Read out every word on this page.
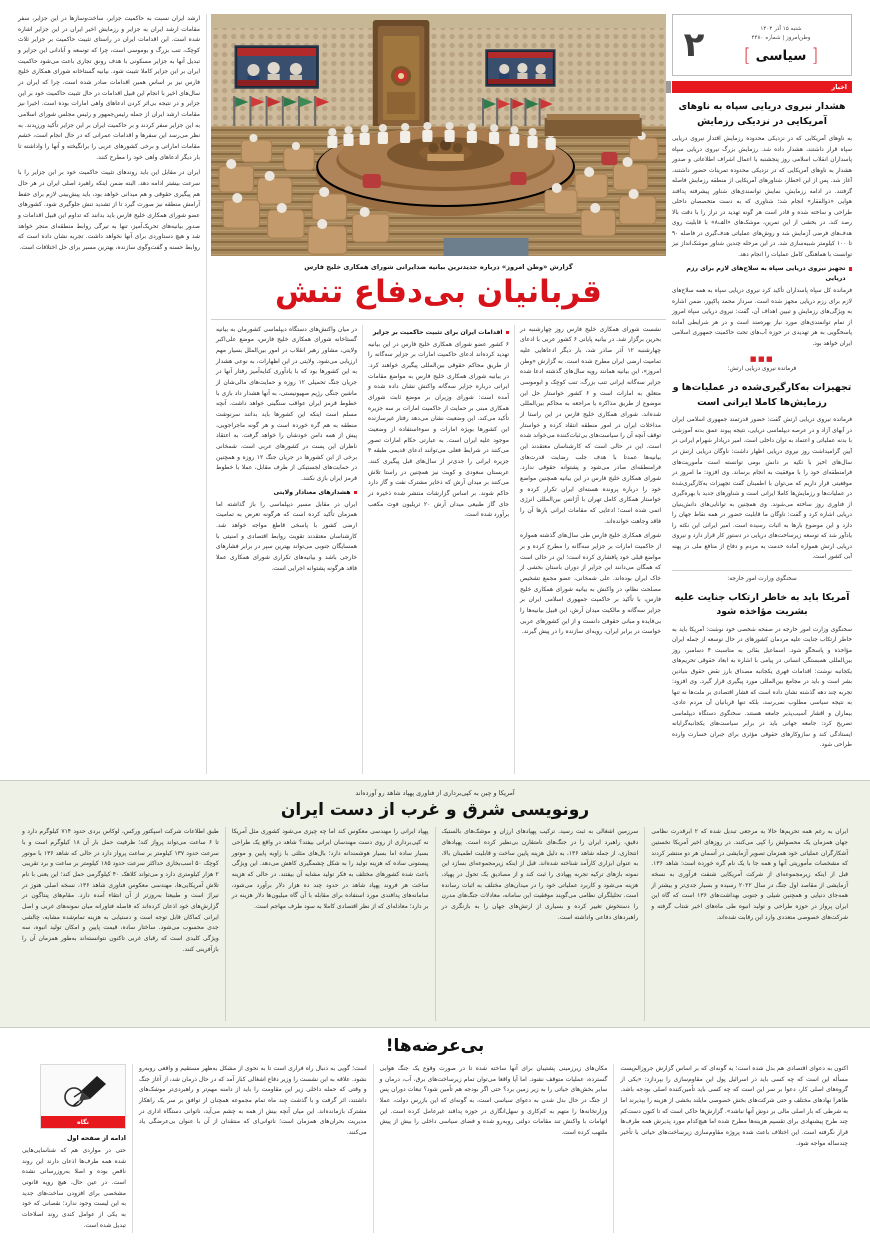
شنبه ۱۵ آذر ۱۴۰۴
وطن‌امروز | شماره ۴۴۸۰
[
سیاسی
]
۲
اخبار
هشدار نیروی دریایی سپاه به ناوهای آمریکایی در نزدیکی رزمایش
به ناوهای آمریکایی که در نزدیکی محدوده رزمایش اقتدار نیروی دریایی سپاه قرار داشتند، هشدار داده شد. رزمایش بزرگ نیروی دریایی سپاه پاسداران انقلاب اسلامی روز پنجشنبه با اعمال اشراف اطلاعاتی و صدور هشدار به ناوهای آمریکایی که در نزدیکی محدوده تمرینات حضور داشتند، آغاز شد. پس از این اخطار، شناورهای آمریکایی از منطقه رزمایش فاصله گرفتند. در ادامه رزمایش، نمایش توانمندی‌های شناور پیشرفته پدافند هوایی «ذوالفقار» انجام شد؛ شناوری که به دست متخصصان داخلی طراحی و ساخته شده و قادر است هر گونه تهدید در تراز را با دقت بالا رصد کند. در بخشی از این تمرین، موشک‌های «الف‌۸» با قابلیت روی هدف‌های فرضی آزمایش شد و روش‌های عملیاتی هدف‌گیری در فاصله ۹۰ تا ۱۰۰ کیلومتر شبیه‌سازی شد. در این مرحله چندین شناور موشک‌انداز نیز توانست با هماهنگی کامل عملیات را انجام دهد.
تجهیز نیروی دریایی سپاه به سلاح‌های لازم برای رزم دریایی
فرمانده کل سپاه پاسداران تأکید کرد نیروی دریایی سپاه به همه سلاح‌های لازم برای رزم دریایی مجهز شده است. سردار محمد پاکپور، ضمن اشاره به ویژگی‌های رزمایش و تبیین اهداف آن، گفت: نیروی دریایی سپاه امروز از تمام توانمندی‌های مورد نیاز بهره‌مند است و در هر شرایطی آماده پاسخگویی به هر تهدیدی در حوزه آب‌های تحت حاکمیت جمهوری اسلامی ایران خواهد بود.
■■■
فرمانده نیروی دریایی ارتش:
تجهیزات به‌کارگیری‌شده در عملیات‌ها و رزمایش‌ها کاملا ایرانی است
فرمانده نیروی دریایی ارتش گفت: حضور قدرتمند جمهوری اسلامی ایران در آبهای آزاد و در عرصه دیپلماسی دریایی، نتیجه پیوند عمق بدنه آموزشی با بدنه عملیاتی و اعتماد به توان داخلی است. امیر دریادار شهرام ایرانی در آیین گرامیداشت روز نیروی دریایی اظهار داشت: ناوگان دریایی ارتش در سال‌های اخیر با تکیه بر دانش بومی توانسته است مأموریت‌های فرامنطقه‌ای خود را با موفقیت به انجام برساند. وی افزود: ما امروز در موقعیتی قرار داریم که می‌توان با اطمینان گفت تجهیزات به‌کارگیری‌شده در عملیات‌ها و رزمایش‌ها کاملا ایرانی است و شناورهای جدید با بهره‌گیری از فناوری روز ساخته می‌شوند. وی همچنین به توانایی‌های دانش‌بنیان دریایی اشاره کرد و گفت: ناوگان ما قابلیت حضور در همه نقاط جهان را دارد و این موضوع بارها به اثبات رسیده است. امیر ایرانی این نکته را یادآور شد که توسعه زیرساخت‌های دریایی در دستور کار قرار دارد و نیروی دریایی ارتش همواره آماده خدمت به مردم و دفاع از منافع ملی در پهنه آبی کشور است.
سخنگوی وزارت امور خارجه:
آمریکا باید به خاطر ارتکاب جنایت علیه بشریت مؤاخذه شود
سخنگوی وزارت امور خارجه در صفحه شخصی خود نوشت: آمریکا باید به خاطر ارتکاب جنایت علیه مردمان کشورهای در حال توسعه از جمله ایران مؤاخذه و پاسخگو شود. اسماعیل بقائی به مناسبت ۴ دسامبر، روز بین‌المللی همبستگی انسانی در پیامی با اشاره به ابعاد حقوقی تحریم‌های یکجانبه نوشت: اقدامات قهری یکجانبه مصداق بارز نقض حقوق بنیادین بشر است و باید در مجامع بین‌المللی مورد پیگیری قرار گیرد. وی افزود: تجربه چند دهه گذشته نشان داده است که فشار اقتصادی بر ملت‌ها نه تنها به نتیجه سیاسی مطلوب نمی‌رسد، بلکه تنها قربانیان آن مردم عادی، بیماران و اقشار آسیب‌پذیر جامعه هستند. سخنگوی دستگاه دیپلماسی تصریح کرد: جامعه جهانی باید در برابر سیاست‌های یکجانبه‌گرایانه ایستادگی کند و سازوکارهای حقوقی مؤثری برای جبران خسارت وارده طراحی شود.
گزارش «وطن امروز» درباره جدیدترین بیانیه ضدایرانی شورای همکاری خلیج فارس
قربانیان بی‌دفاع تنش
نشست شورای همکاری خلیج فارس روز چهارشنبه در بحرین برگزار شد. در بیانیه پایانی ۶ کشور عربی با ادعای چهارشنبه ۱۲ آذر صادر شد، بار دیگر ادعاهایی علیه تمامیت ارضی ایران مطرح شده است. به گزارش «وطن امروز»، این بیانیه همانند رویه سال‌های گذشته ادعا شده جزایر سه‌گانه ایرانی تنب بزرگ، تنب کوچک و ابوموسی متعلق به امارات است و ۶ کشور خواستار حل این موضوع از طریق مذاکره یا مراجعه به محاکم بین‌المللی شده‌اند. شورای همکاری خلیج فارس در این راستا از مداخلات ایران در امور منطقه انتقاد کرده و خواستار توقف آنچه آن را سیاست‌های بی‌ثبات‌کننده می‌خواند شده است. این در حالی است که کارشناسان معتقدند این بیانیه‌ها عمدتا با هدف جلب رضایت قدرت‌های فرامنطقه‌ای صادر می‌شود و پشتوانه حقوقی ندارد. شورای همکاری خلیج فارس در این بیانیه همچنین مواضع خود را درباره پرونده هسته‌ای ایران تکرار کرده و خواستار همکاری کامل تهران با آژانس بین‌المللی انرژی اتمی شده است؛ ادعایی که مقامات ایرانی بارها آن را فاقد وجاهت خوانده‌اند.
شورای همکاری خلیج فارس طی سال‌های گذشته همواره از حاکمیت امارات بر جزایر سه‌گانه را مطرح کرده و بر مواضع قبلی خود پافشاری کرده است؛ این در حالی است که همگان می‌دانند این جزایر از دوران باستان بخشی از خاک ایران بوده‌اند. علی شمخانی، عضو مجمع تشخیص مصلحت نظام، در واکنش به بیانیه شورای همکاری خلیج فارس، با تأکید بر حاکمیت جمهوری اسلامی ایران بر جزایر سه‌گانه و مالکیت میدان آرش، این قبیل بیانیه‌ها را بی‌فایده و مبانی حقوقی دانست و از این کشورهای عربی خواست در برابر ایران، رویه‌ای سازنده را در پیش گیرند.
اقدامات ایران برای تثبیت حاکمیت بر جزایر
۶ کشور عضو شورای همکاری خلیج فارس در این بیانیه تهدید کرده‌اند ادعای حاکمیت امارات بر جزایر سه‌گانه را از طریق محاکم حقوقی بین‌المللی پیگیری خواهند کرد. در بیانیه شورای همکاری خلیج فارس به مواضع مقامات ایرانی درباره جزایر سه‌گانه واکنش نشان داده شده و آمده است: شورای وزیران بر موضع ثابت شورای همکاری مبنی بر حمایت از حاکمیت امارات بر سه جزیره تأکید می‌کند. این وضعیت نشان می‌دهد رفتار غیرسازنده این کشورها بویژه امارات و سوءاستفاده از وضعیت موجود علیه ایران است. به عبارتی حکام امارات تصور می‌کنند در شرایط فعلی می‌توانند ادعای قدیمی طبقه ۳ جزیره ایرانی را جدی‌تر از سال‌های قبل پیگیری کنند. عربستان سعودی و کویت نیز همچنین در راستا تلاش می‌کنند بر میدان آرش که ذخایر مشترک نفت و گاز دارد حاکم شوند. بر اساس گزارشات منتشر شده ذخیره در جای گاز طبیعی میدان آرش ۲۰ تریلیون فوت مکعب برآورد شده است.
در میان واکنش‌های دستگاه دیپلماسی کشورمان به بیانیه گستاخانه شورای همکاری خلیج فارس، موضع علی‌اکبر ولایتی، مشاور رهبر انقلاب در امور بین‌الملل بسیار مهم ارزیابی می‌شود. ولایتی در این اظهارات، به نوعی هشدار به این کشورها بود که با یادآوری کنایه‌آمیز رفتار آنها در جریان جنگ تحمیلی ۱۲ روزه و حمایت‌های مالی‌شان از ماشین جنگی رژیم صهیونیستی، به آنها هشدار داد بازی با خطوط قرمز ایران عواقب سنگینی خواهد داشت. آنچه مسلم است اینکه این کشورها باید بدانند سرنوشت منطقه به هم گره خورده است و هر گونه ماجراجویی، پیش از همه دامن خودشان را خواهد گرفت. به اعتقاد ناظران این پست در کشورهای عربی است. شمخانی برخی از این کشورها در جریان جنگ ۱۲ روزه و همچنین در حمایت‌های لجستیکی از طرف مقابل، عملا با خطوط قرمز ایران بازی نکنند.
هشدارهای معنادار ولایتی
ایران در مقابل مسیر دیپلماسی را باز گذاشته اما همزمان تأکید کرده است که هرگونه تعرض به تمامیت ارضی کشور با پاسخی قاطع مواجه خواهد شد. کارشناسان معتقدند تقویت روابط اقتصادی و امنیتی با همسایگان جنوبی می‌تواند بهترین سپر در برابر فشارهای خارجی باشد و بیانیه‌های تکراری شورای همکاری عملا فاقد هرگونه پشتوانه اجرایی است.
ارشد ایران نسبت به حاکمیت جزایر، ساخت‌وسازها در این جزایر، سفر مقامات ارشد ایران به جزایر و رزمایش اخیر ایران در این جزایر اشاره شده است. این اقدامات ایران در راستای تثبیت حاکمیت بر جزایر ثلاث کوچک، تنب بزرگ و بوموسی است، چرا که توسعه و آبادانی این جزایر و تبدیل آنها به جزایر مسکونی با هدف رونق تجاری باعث می‌شود حاکمیت ایران بر این جزایر کاملا تثبیت شود. بیانیه گستاخانه شورای همکاری خلیج فارس نیز بر اساس همین اقدامات صادر شده است، چرا که ایران در سال‌های اخیر با انجام این قبیل اقدامات در حال تثبیت حاکمیت خود بر این جزایر و در نتیجه بی‌اثر کردن ادعاهای واهی امارات بوده است. اخیرا نیز مقامات ارشد ایران از جمله رئیس‌جمهور و رئیس مجلس شورای اسلامی به این جزایر سفر کردند و بر حاکمیت ایران بر این جزایر تأکید ورزیدند. به نظر می‌رسد این سفرها و اقدامات عمرانی که در حال انجام است، خشم مقامات اماراتی و برخی کشورهای عربی را برانگیخته و آنها را واداشته تا بار دیگر ادعاهای واهی خود را مطرح کنند.
ایران در مقابل این باید روندهای تثبیت حاکمیت خود بر این جزایر را با سرعت بیشتر ادامه دهد. البته ضمن اینکه راهبرد اصلی ایران در هر حال هم پیگیری حقوقی و هم میدانی خواهد بود، باید پیش‌بینی لازم برای حفظ آرامش منطقه نیز صورت گیرد تا از تشدید تنش جلوگیری شود. کشورهای عضو شورای همکاری خلیج فارس باید بدانند که تداوم این قبیل اقدامات و صدور بیانیه‌های تحریک‌آمیز، تنها به تیرگی روابط منطقه‌ای منجر خواهد شد و هیچ دستاوردی برای آنها نخواهد داشت. تجربه نشان داده است که روابط حسنه و گفت‌وگوی سازنده، بهترین مسیر برای حل اختلافات است.
آمریکا و چین به کپی‌برداری از فناوری پهپاد شاهد رو آورده‌اند
رونویسی شرق و غرب از دست ایران
ایران به رغم همه تحریم‌ها حالا به مرجعی تبدیل شده که ۲ ابرقدرت نظامی جهان همزمان یک محصولش را کپی می‌کنند. در روزهای اخیر آمریکا نخستین آشکارگران عملیاتی خود همزمان تصویر آزمایشی در آسمان هر دو منتشر کردند که مشخصات مأموریتی آنها و همه جا با یک نام گره خورده است: شاهد ۱۳۶. قبل از اینکه زیرمجموعه‌ای از شرکت آمریکایی شنفت فرآوری به نسخه آزمایشی از مقاصد اول جنگ در سال ۲۰۲۲ رسیده و بسیار جدی‌تر و بیشتر از همه‌جای دنیایی و همچنین شیلی و جنوبی بهداشت‌های ۱۳۶ است که گاه این ایران پرواز در حوزه طراحی و تولید انبوه طی ماه‌های اخیر شتاب گرفته و شرکت‌های خصوصی متعددی وارد این رقابت شده‌اند.
سرزمین اشغالی به ثبت رسید. ترکیب پهپادهای ارزان و موشک‌های بالستیک دقیق، راهبرد ایران را در جنگ‌های نامتقارن بی‌نظیر کرده است. پهپادهای انتحاری، از جمله شاهد ۱۳۶، به دلیل هزینه پایین ساخت و قابلیت اطمینان بالا، به عنوان ابزاری کارآمد شناخته شده‌اند. قبل از اینکه زیرمجموعه‌ای بسازد این نمونه بازهای ترکیه تجربه پهپادی را ثبت کند و از مصادیق یک تحول در پهپاد، هزینه می‌شود و کاربرد عملیاتی خود را در میدان‌های مختلف به اثبات رسانده است. تحلیلگران نظامی می‌گویند موفقیت این سامانه، معادلات جنگ‌های مدرن را دستخوش تغییر کرده و بسیاری از ارتش‌های جهان را به بازنگری در راهبردهای دفاعی واداشته است.
پهپاد ایرانی را مهندسی معکوس کند اما چه چیزی می‌شود کشوری مثل آمریکا نه کپی‌برداری از روی دست مهندسان ایرانی بیفتد؟ شاهد در واقع یک طراحی بسیار ساده اما بسیار هوشمندانه دارد؛ بال‌های مثلثی با زاویه پایین و موتور پیستونی ساده که هزینه تولید را به شکل چشمگیری کاهش می‌دهد. این ویژگی باعث شده کشورهای مختلف به فکر تولید مشابه آن بیفتند. در حالی که هزینه ساخت هر فروند پهپاد شاهد در حدود چند ده هزار دلار برآورد می‌شود، سامانه‌های پدافندی مورد استفاده برای مقابله با آن گاه میلیون‌ها دلار هزینه در بر دارد؛ معادله‌ای که از نظر اقتصادی کاملا به سود طرف مهاجم است.
طبق اطلاعات شرکت اسپکتور ورکس، لوکاس بردی حدود ۷۱۴ کیلوگرم دارد و تا ۶ ساعت می‌تواند پرواز کند؛ ظرفیت حمل بار آن ۱۸ کیلوگرم است و با سرعت حدود ۱۳۷ کیلومتر بر ساعت پرواز دارد در حالی که شاهد ۱۳۶ با موتور کوچک ۵۰ اسب‌بخاری حداکثر سرعت حدود ۱۸۵ کیلومتر بر ساعت و برد تقریبی ۲ هزار کیلومتری دارد و می‌تواند کلاهک ۴۰ کیلوگرمی حمل کند؛ این یعنی با نام تلاش آمریکایی‌ها، مهندسی معکوس فناوری شاهد ۱۳۶، نسخه اصلی هنوز در تیراژ است و طبیعتا به‌روزتر از آن انتقاء آمده دارد. مقام‌های پنتاگون در گزارش‌های خود اذعان کرده‌اند که فاصله فناورانه میان نمونه‌های غربی و اصل ایرانی کماکان قابل توجه است و دستیابی به هزینه تمام‌شده مشابه، چالشی جدی محسوب می‌شود. ساختار ساده، قیمت پایین و امکان تولید انبوه، سه ویژگی کلیدی است که رقبای غربی تاکنون نتوانسته‌اند به‌طور همزمان آن را بازآفرینی کنند.
بی‌عرضه‌ها!
اکنون به دعوای اقتصادی هم بدل شده است؛ به گونه‌ای که بر اساس گزارش جروزالم‌پست مسأله این است که چه کسی باید در اسرائیل پول این مقاوم‌سازی را بپردازد: «یکی از گروه‌های اصلی کار، دعوا بر سر این است که چه کسی باید تأمین‌کننده اصلی بودجه باشد. ظاهرا نهادهای مختلف و حتی شرکت‌های بخش خصوصی مایلند بخشی از هزینه را بپذیرند اما به شرطی که بار اصلی مالی بر دوش آنها نباشد». گزارش‌ها حاکی است که تا کنون دست‌کم چند طرح پیشنهادی برای تقسیم هزینه‌ها مطرح شده اما هیچ‌کدام مورد پذیرش همه طرف‌ها قرار نگرفته است. این اختلاف باعث شده پروژه مقاوم‌سازی زیرساخت‌های حیاتی با تأخیر چندساله مواجه شود.
مکان‌های زیرزمینی پشتیبان برای آنها ساخته شده تا در صورت وقوع یک جنگ هوایی گسترده، عملیات متوقف نشود. اما آیا واقعا می‌توان تمام زیرساخت‌های برق، آب، درمان و سایر بخش‌های حیاتی را به زیر زمین برد؟ حتی اگر بودجه هم تأمین شود؟ تبعات دوران پس از جنگ در حال بدل شدن به دعوای سیاسی است، به گونه‌ای که این بازرس دولت، عملا وزارتخانه‌ها را متهم به کم‌کاری و سهل‌انگاری در حوزه پدافند غیرعامل کرده است. این اتهامات با واکنش تند مقامات دولتی روبه‌رو شده و فضای سیاسی داخلی را بیش از پیش ملتهب کرده است.
است؛ گویی به دنبال راه فراری است تا به نحوی از مشکل به‌ظهر مستقیم و واقعی روبه‌رو نشود. علاقه به این نشست را وزیر دفاع اشغالی کنار آمد که در حال درمان شد، از آغاز جنگ و وقتی که حمله داخلی زیر این مقاومت را باید از دامنه مهم‌تر و راهبردی‌تر موشک‌های داشتند، اثر گرفت و با گذشت چند ماه تمام مجموعه همچنان از توافق بر سر یک راهکار مشترک بازمانده‌اند. این میان آنچه بیش از همه به چشم می‌آید، ناتوانی دستگاه اداری در مدیریت بحران‌های همزمان است؛ ناتوانی‌ای که منتقدان از آن با عنوان بی‌عرضگی یاد می‌کنند.
نگاه
ادامه از صفحه اول
حتی در مواردی هم که شناسایی‌هایی شده همه طرف‌ها اذعان دارند این روند ناقص بوده و اصلا به‌روزرسانی نشده است. در عین حال، هیچ رویه قانونی مشخصی برای افزودن ساخت‌های جدید به این لیست وجود ندارد؛ نقصانی که خود به یکی از عوامل کندی روند اصلاحات تبدیل شده است.
